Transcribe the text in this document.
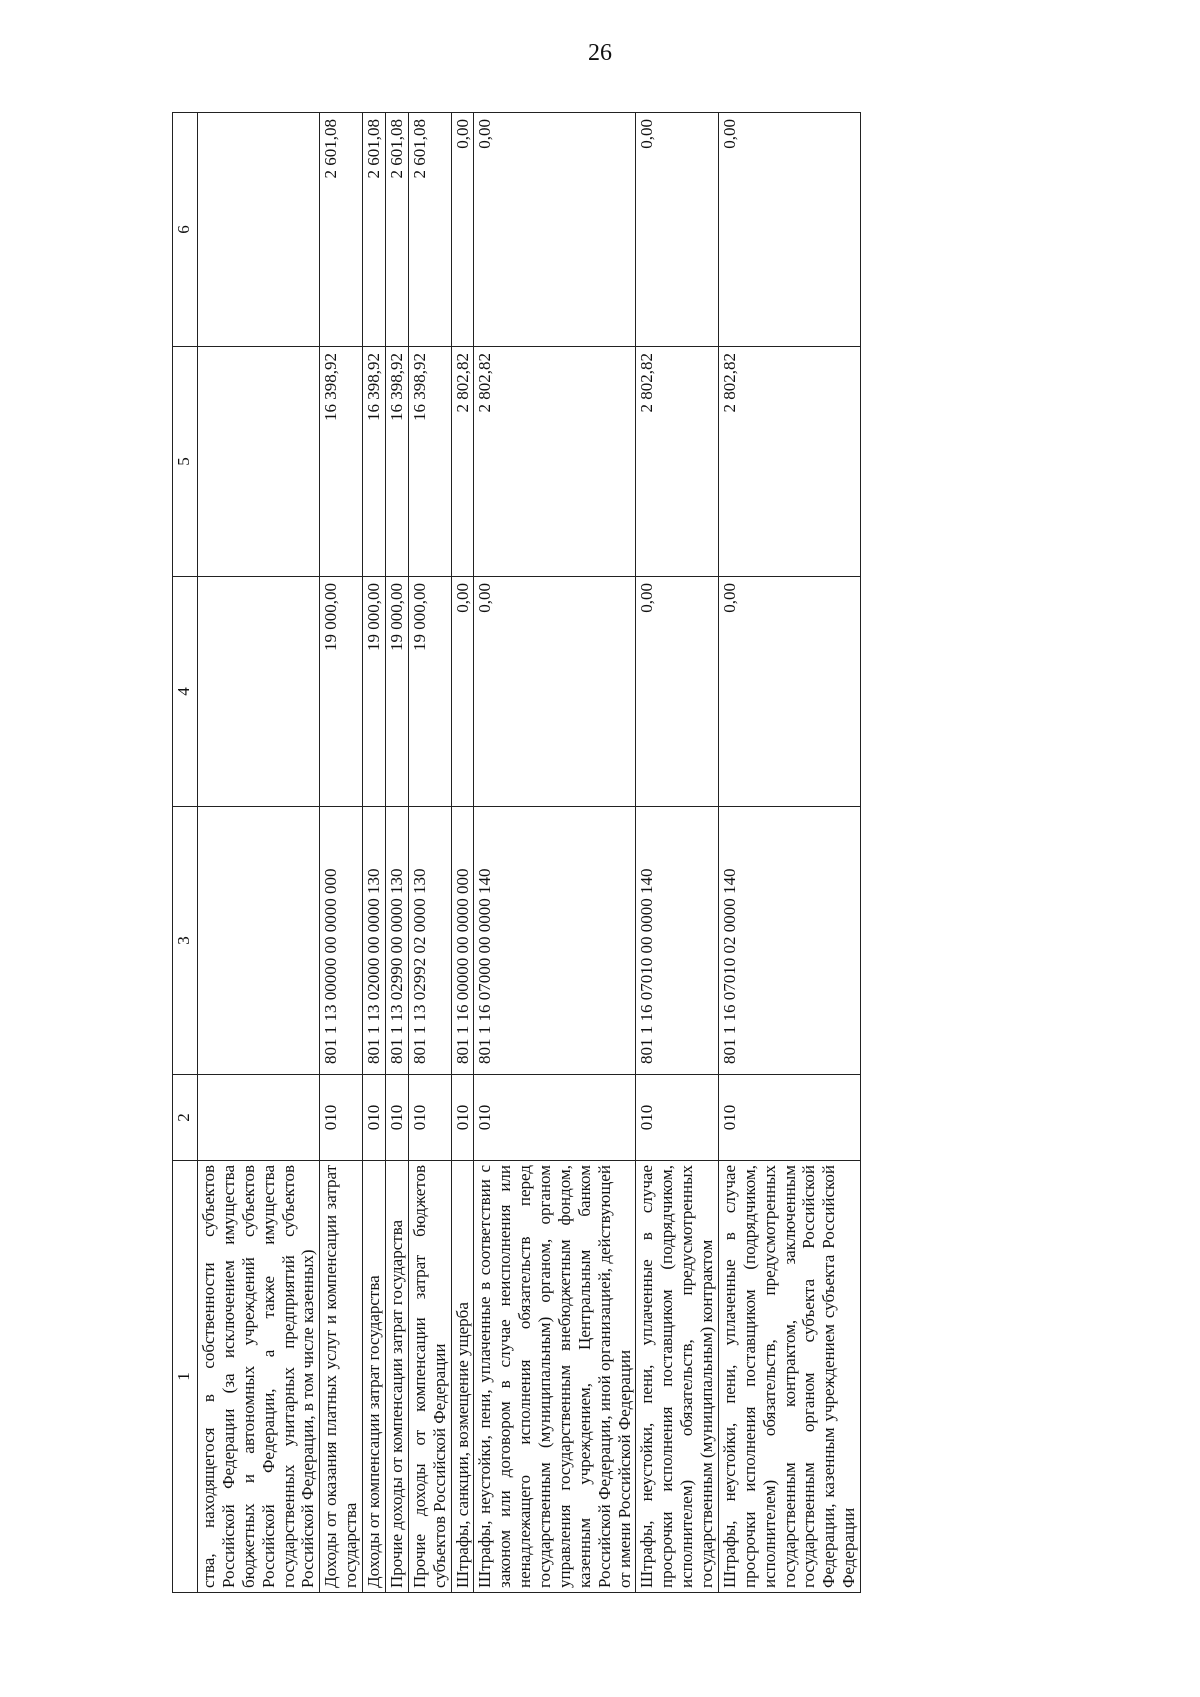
26
1	2	3	4	5	6
ства, находящегося в собственности субъектов Российской Федерации (за исключением имущества бюджетных и автономных учреждений субъектов Российской Федерации, а также имущества государственных унитарных предприятий субъектов Российской Федерации, в том числе казенных)					
Доходы от оказания платных услуг и компенсации затрат государства	010	801 1 13 00000 00 0000 000	19 000,00	16 398,92	2 601,08
Доходы от компенсации затрат государства	010	801 1 13 02000 00 0000 130	19 000,00	16 398,92	2 601,08
Прочие доходы от компенсации затрат государства	010	801 1 13 02990 00 0000 130	19 000,00	16 398,92	2 601,08
Прочие доходы от компенсации затрат бюджетов субъектов Российской Федерации	010	801 1 13 02992 02 0000 130	19 000,00	16 398,92	2 601,08
Штрафы, санкции, возмещение ущерба	010	801 1 16 00000 00 0000 000	0,00	2 802,82	0,00
Штрафы, неустойки, пени, уплаченные в соответствии с законом или договором в случае неисполнения или ненадлежащего исполнения обязательств перед государственным (муниципальным) органом, органом управления государственным внебюджетным фондом, казенным учреждением, Центральным банком Российской Федерации, иной организацией, действующей от имени Российской Федерации	010	801 1 16 07000 00 0000 140	0,00	2 802,82	0,00
Штрафы, неустойки, пени, уплаченные в случае просрочки исполнения поставщиком (подрядчиком, исполнителем) обязательств, предусмотренных государственным (муниципальным) контрактом	010	801 1 16 07010 00 0000 140	0,00	2 802,82	0,00
Штрафы, неустойки, пени, уплаченные в случае просрочки исполнения поставщиком (подрядчиком, исполнителем) обязательств, предусмотренных государственным контрактом, заключенным государственным органом субъекта Российской Федерации, казенным учреждением субъекта Российской Федерации	010	801 1 16 07010 02 0000 140	0,00	2 802,82	0,00
